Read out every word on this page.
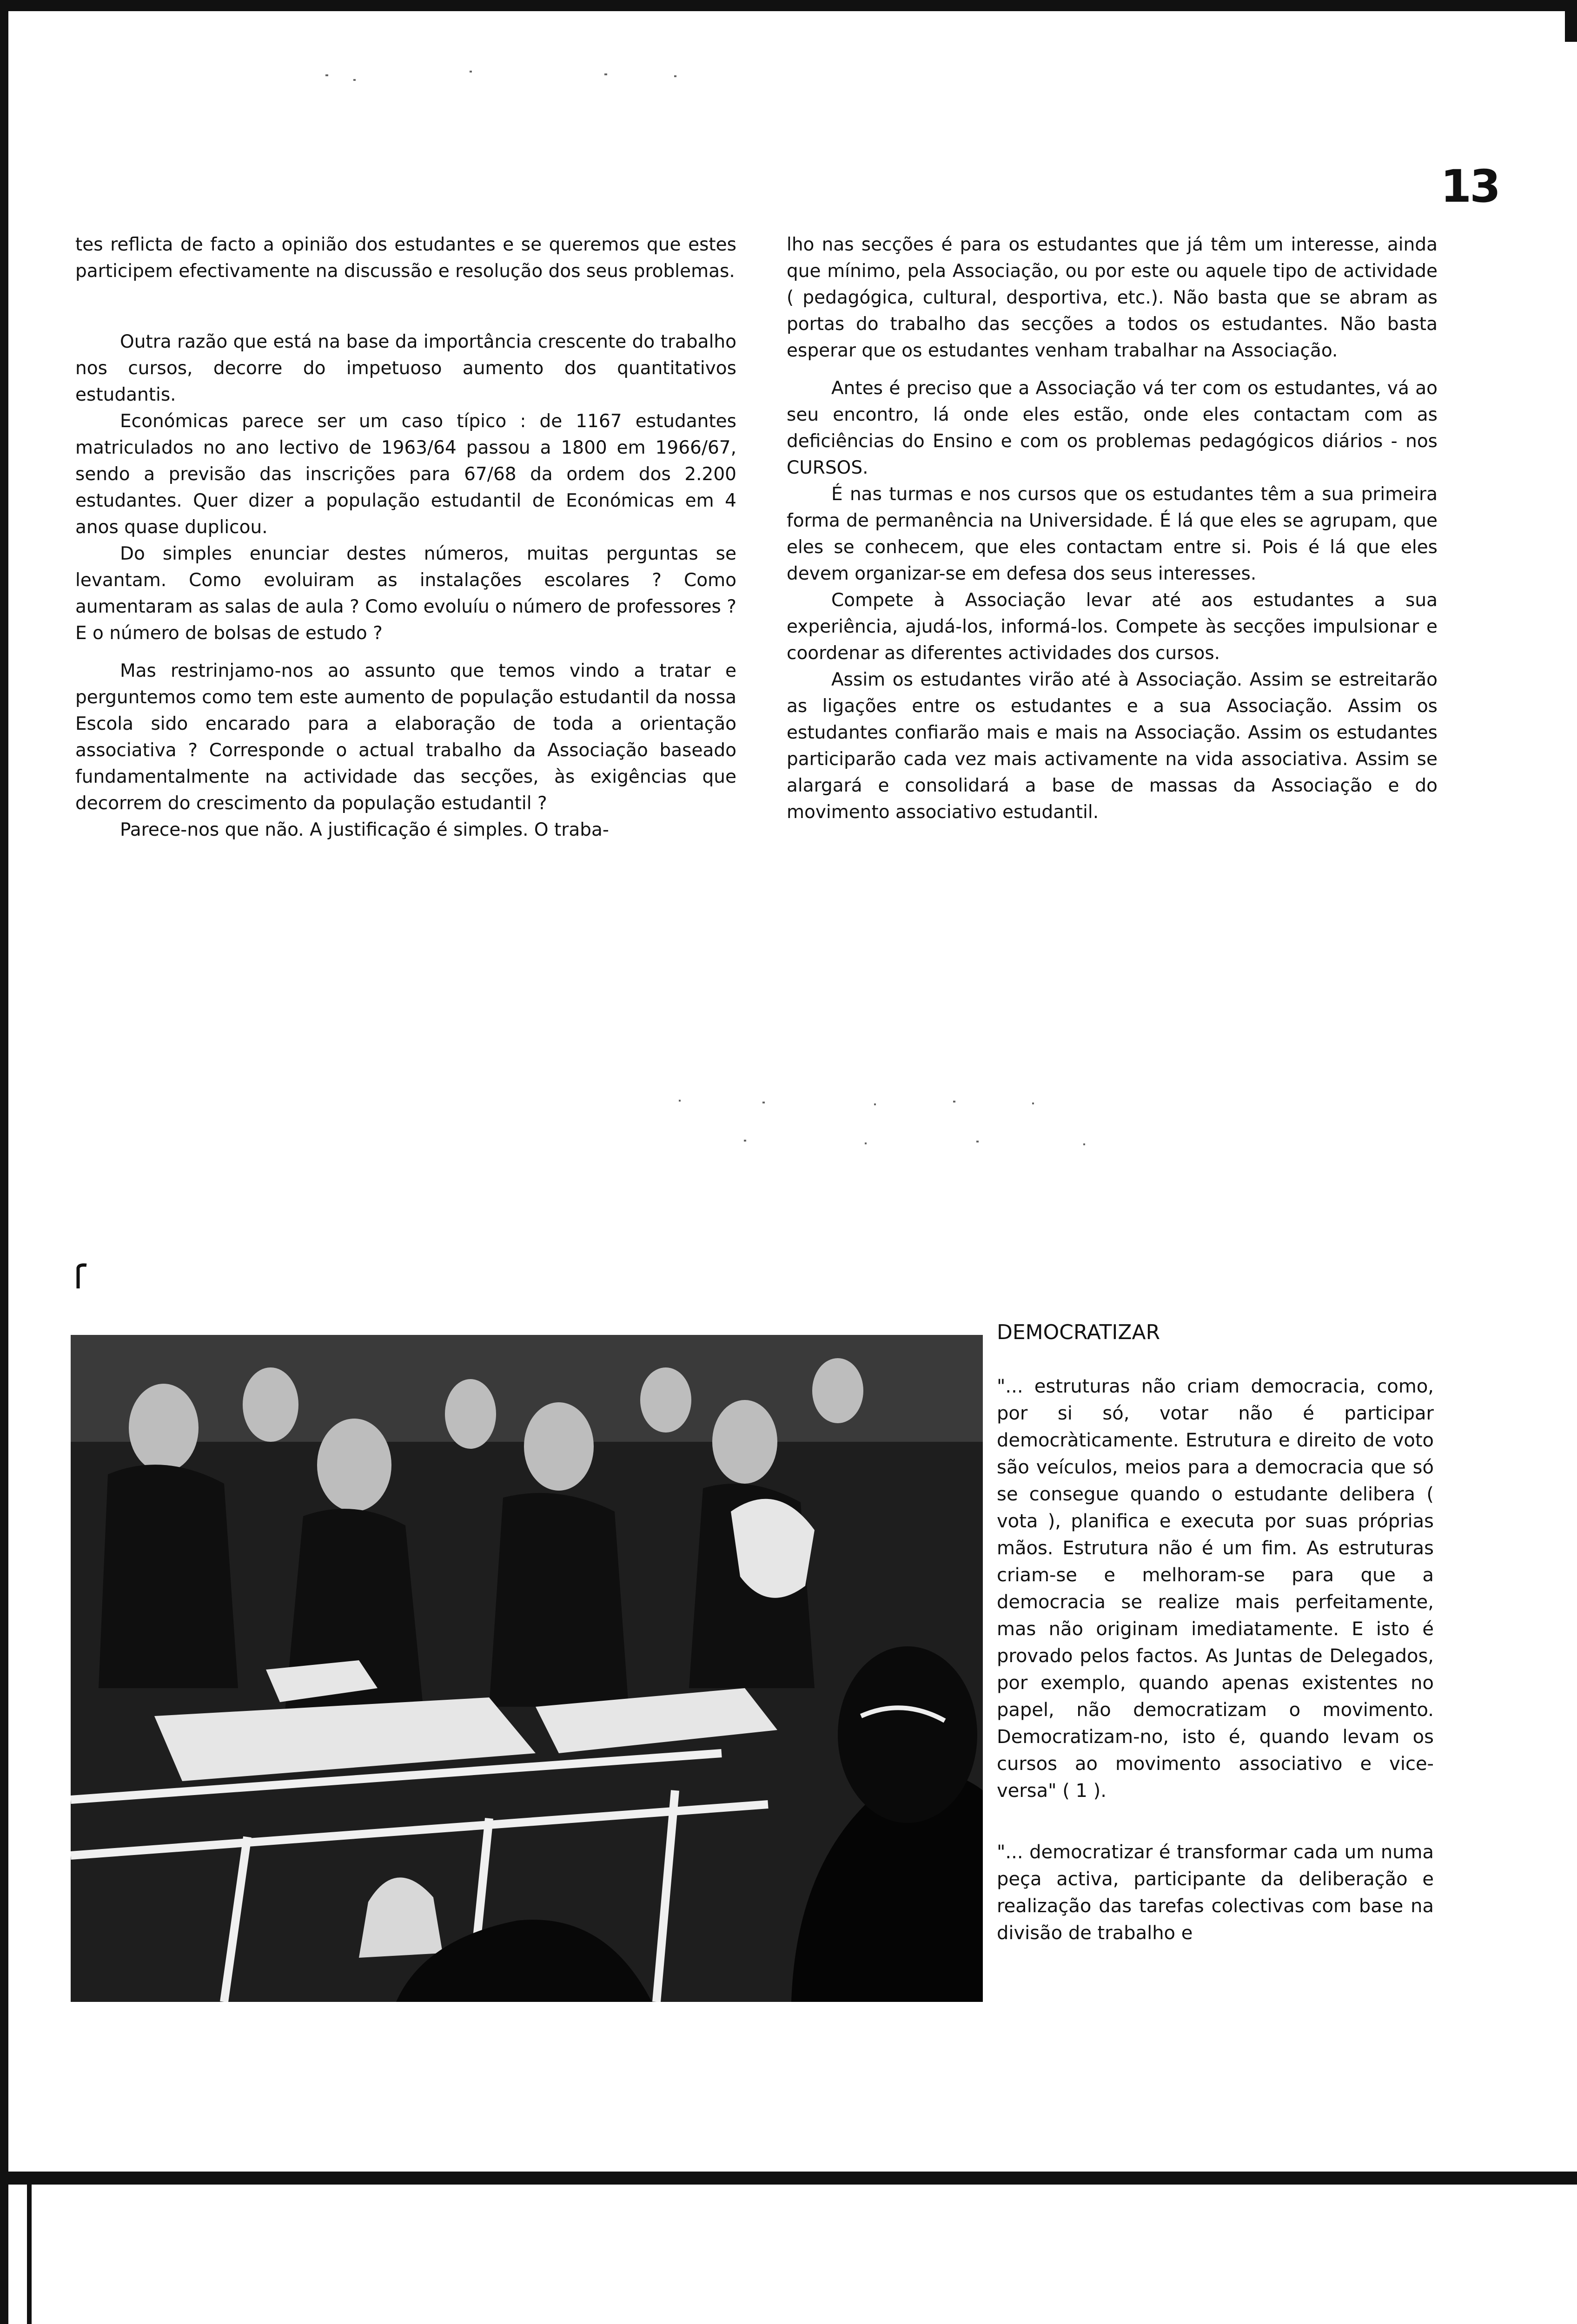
13

tes reflicta de facto a opinião dos estudantes e se queremos que estes participem efectivamente na discussão e resolução dos seus problemas.

Outra razão que está na base da importância crescente do trabalho nos cursos, decorre do impetuoso aumento dos quantitativos estudantis.

Económicas parece ser um caso típico : de 1167 estudantes matriculados no ano lectivo de 1963/64 passou a 1800 em 1966/67, sendo a previsão das inscrições para 67/68 da ordem dos 2.200 estudantes. Quer dizer a população estudantil de Económicas em 4 anos quase duplicou.

Do simples enunciar destes números, muitas perguntas se levantam. Como evoluiram as instalações escolares ? Como aumentaram as salas de aula ? Como evoluíu o número de professores ? E o número de bolsas de estudo ?

Mas restrinjamo-nos ao assunto que temos vindo a tratar e perguntemos como tem este aumento de população estudantil da nossa Escola sido encarado para a elaboração de toda a orientação associativa ? Corresponde o actual trabalho da Associação baseado fundamentalmente na actividade das secções, às exigências que decorrem do crescimento da população estudantil ?

Parece-nos que não. A justificação é simples. O traba-

lho nas secções é para os estudantes que já têm um interesse, ainda que mínimo, pela Associação, ou por este ou aquele tipo de actividade ( pedagógica, cultural, desportiva, etc.). Não basta que se abram as portas do trabalho das secções a todos os estudantes. Não basta esperar que os estudantes venham trabalhar na Associação.

Antes é preciso que a Associação vá ter com os estudantes, vá ao seu encontro, lá onde eles estão, onde eles contactam com as deficiências do Ensino e com os problemas pedagógicos diários - nos CURSOS.

É nas turmas e nos cursos que os estudantes têm a sua primeira forma de permanência na Universidade. É lá que eles se agrupam, que eles se conhecem, que eles contactam entre si. Pois é lá que eles devem organizar-se em defesa dos seus interesses.

Compete à Associação levar até aos estudantes a sua experiência, ajudá-los, informá-los. Compete às secções impulsionar e coordenar as diferentes actividades dos cursos.

Assim os estudantes virão até à Associação. Assim se estreitarão as ligações entre os estudantes e a sua Associação. Assim os estudantes confiarão mais e mais na Associação. Assim os estudantes participarão cada vez mais activamente na vida associativa. Assim se alargará e consolidará a base de massas da Associação e do movimento associativo estudantil.

DEMOCRATIZAR

"... estruturas não criam democracia, como, por si só, votar não é participar democràticamente. Estrutura e direito de voto são veículos, meios para a democracia que só se consegue quando o estudante delibera ( vota ), planifica e executa por suas próprias mãos. Estrutura não é um fim. As estruturas criam-se e melhoram-se para que a democracia se realize mais perfeitamente, mas não originam imediatamente. E isto é provado pelos factos. As Juntas de Delegados, por exemplo, quando apenas existentes no papel, não democratizam o movimento. Democratizam-no, isto é, quando levam os cursos ao movimento associativo e vice-versa" ( 1 ).

"... democratizar é transformar cada um numa peça activa, participante da deliberação e realização das tarefas colectivas com base na divisão de trabalho e
